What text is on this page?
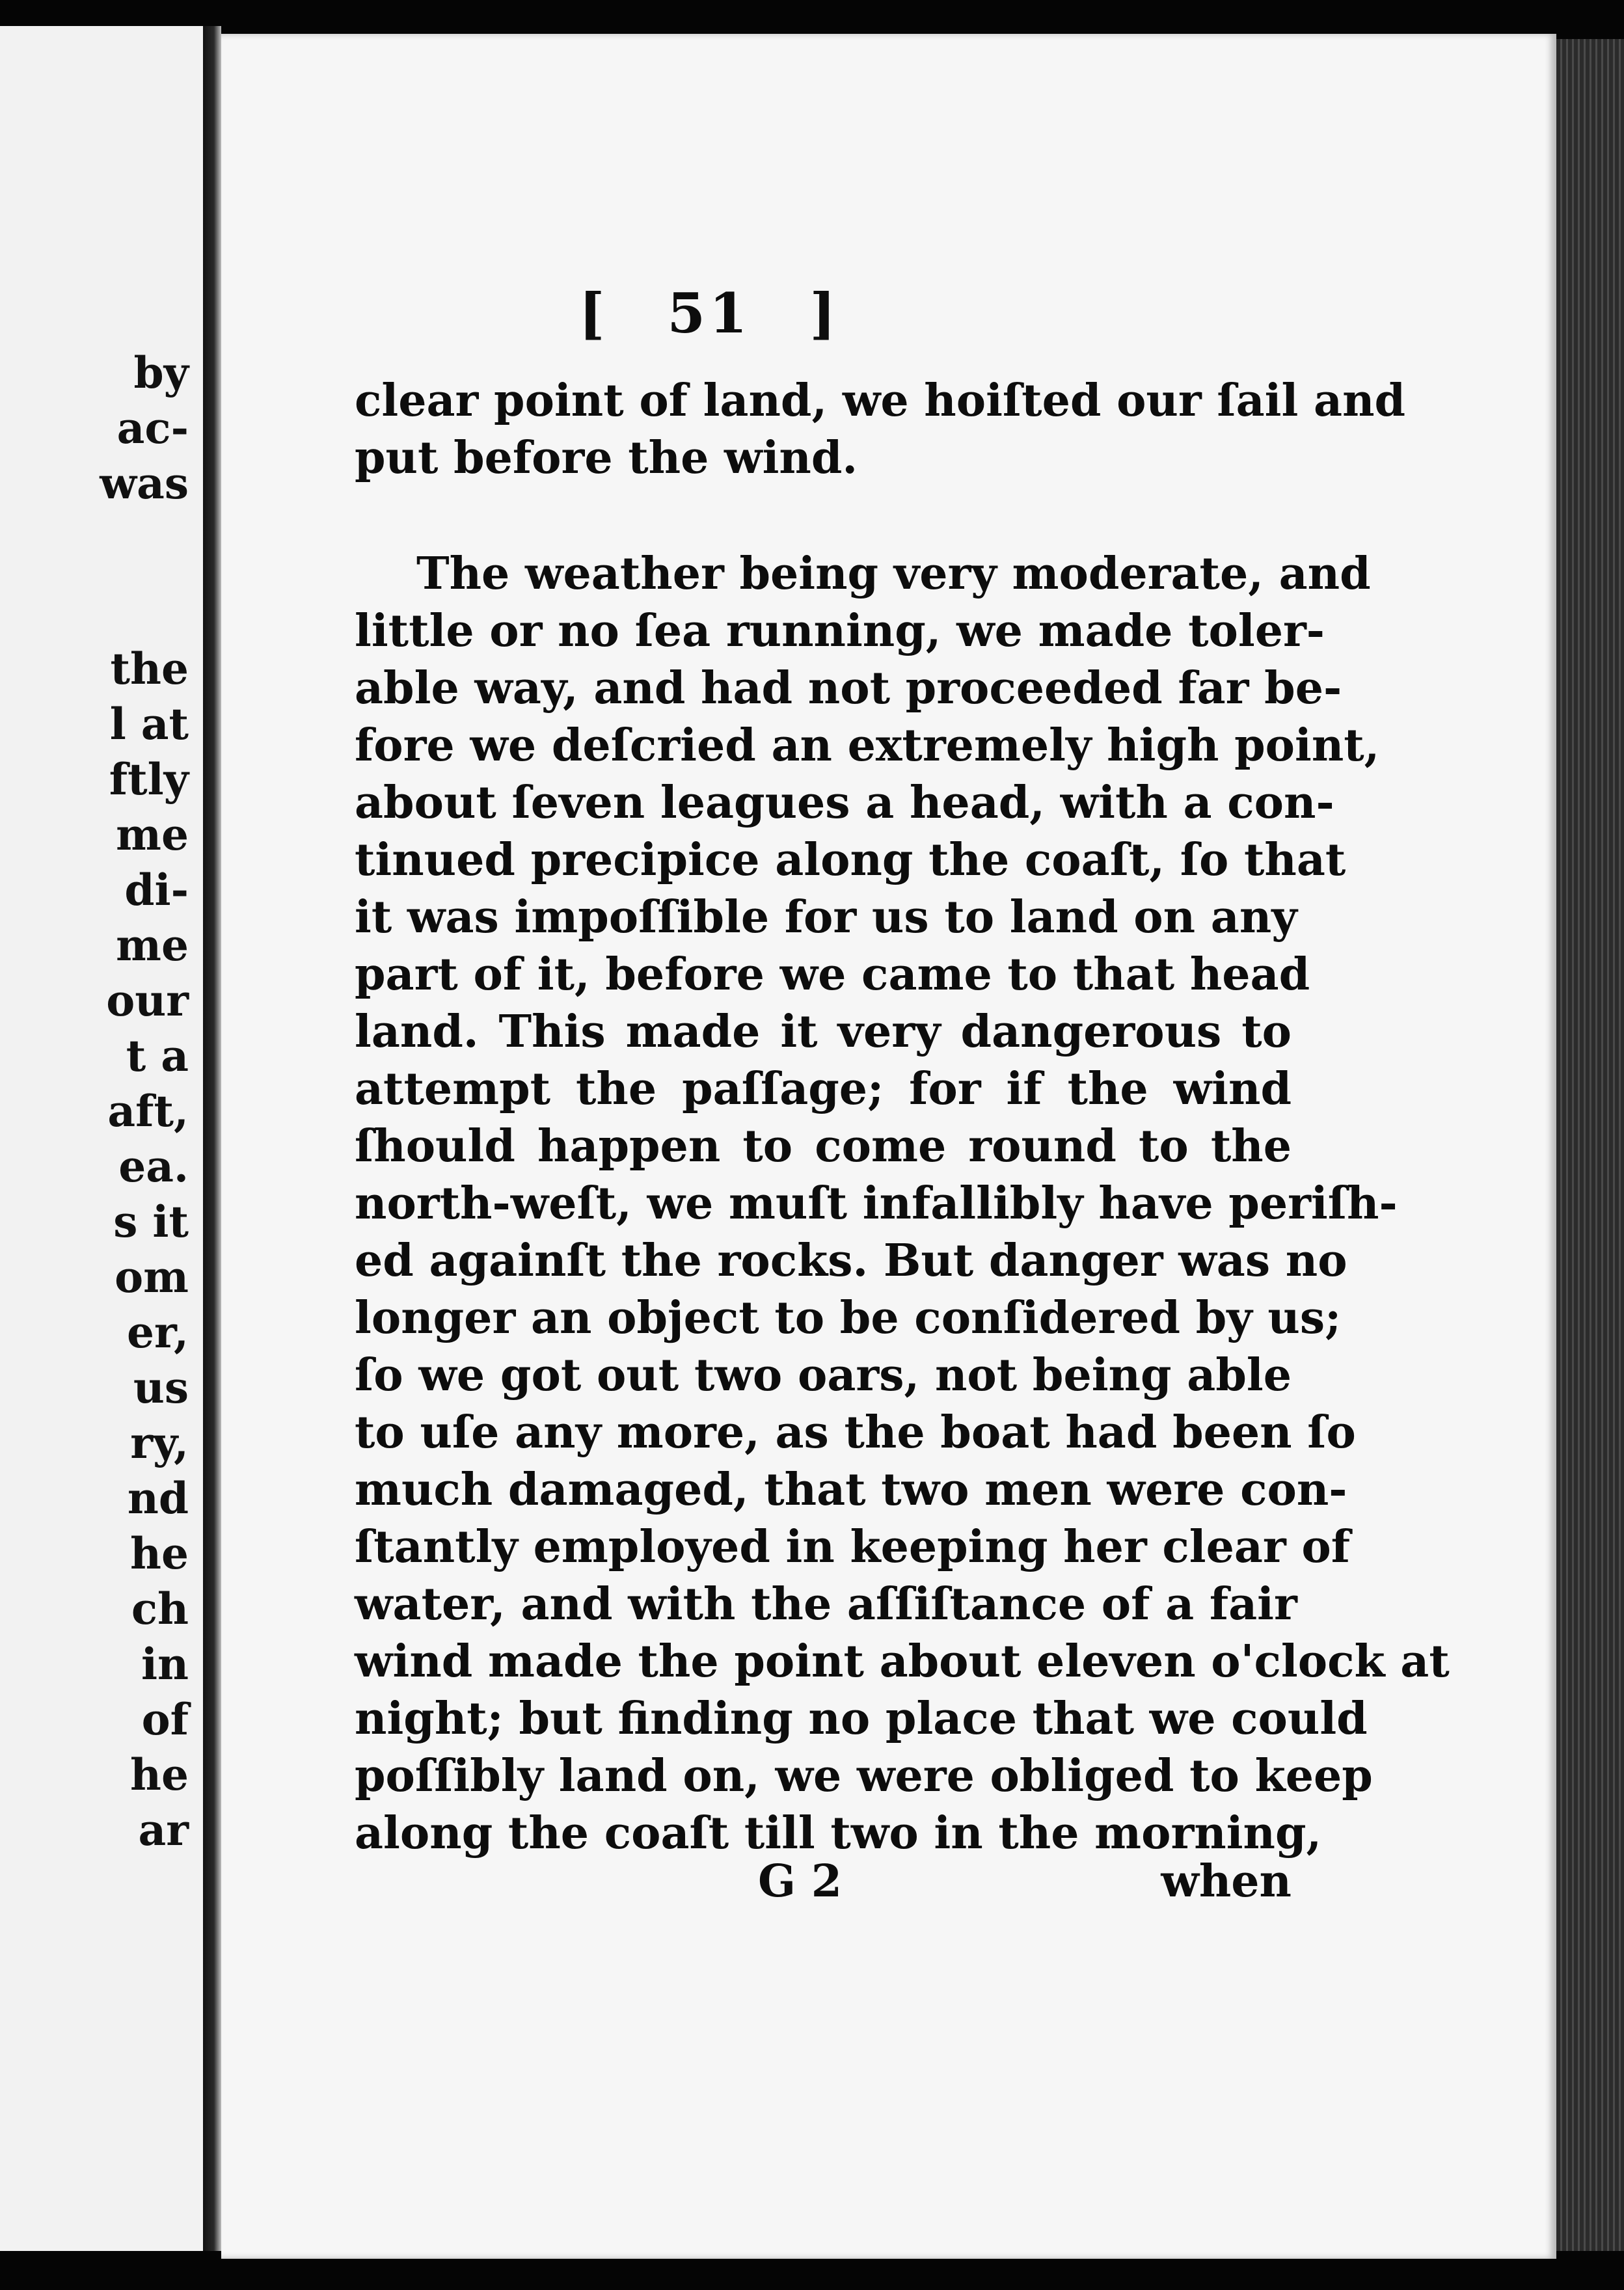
by
ac-
was
the
l at
ftly
me
di-
me
our
t a
aft,
ea.
s it
om
er,
us
ry,
nd
he
ch
in
of
he
ar
[ 51 ]
clear point of land, we hoiſted our ſail and
put before the wind.
The weather being very moderate, and
little or no ſea running, we made toler-
able way, and had not proceeded far be-
fore we deſcried an extremely high point,
about ſeven leagues a head, with a con-
tinued precipice along the coaſt, ſo that
it was impoſſible for us to land on any
part of it, before we came to that head
land. This made it very dangerous to
attempt the paſſage; for if the wind
ſhould happen to come round to the
north-weſt, we muſt infallibly have periſh-
ed againſt the rocks. But danger was no
longer an object to be conſidered by us;
ſo we got out two oars, not being able
to uſe any more, as the boat had been ſo
much damaged, that two men were con-
ſtantly employed in keeping her clear of
water, and with the aſſiſtance of a fair
wind made the point about eleven o'clock at
night; but finding no place that we could
poſſibly land on, we were obliged to keep
along the coaſt till two in the morning,
G 2	when
